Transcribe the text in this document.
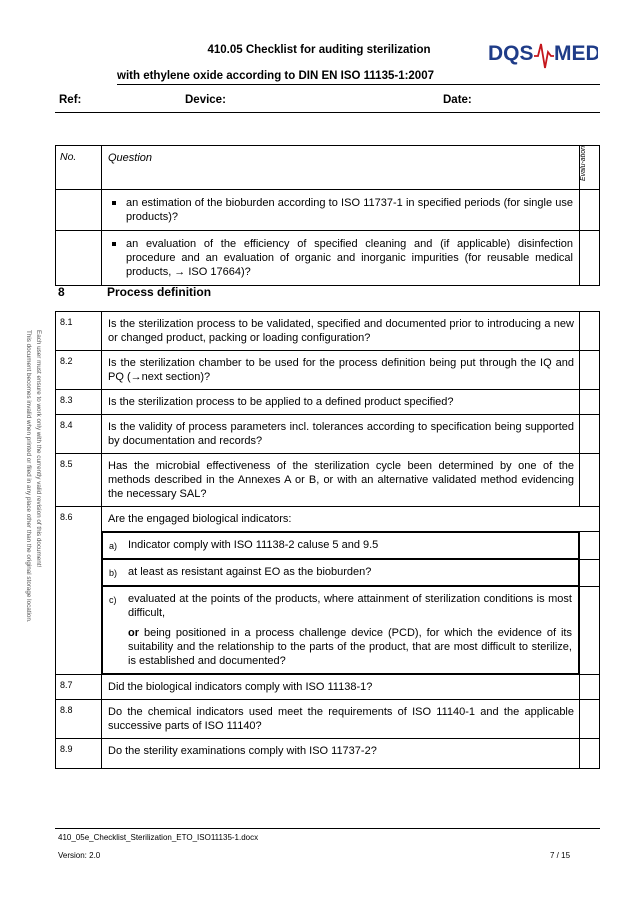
410.05 Checklist for auditing sterilization
with ethylene oxide according to DIN EN ISO 11135-1:2007
DQS MED
Ref:	Device:	Date:
This document becomes invalid when printed or filed in any place other than the original storage location. Each user must ensure to work only with the currently valid revision of this document!
No.	Question	Evalu-ation

	an estimation of the bioburden according to ISO 11737-1 in specified periods (for single use products)?	
	an evaluation of the efficiency of specified cleaning and (if applicable) disinfection procedure and an evaluation of organic and inorganic impurities (for reusable medical products, → ISO 17664)?	
8	Process definition
8.1	Is the sterilization process to be validated, specified and documented prior to introducing a new or changed product, packing or loading configuration?	
8.2	Is the sterilization chamber to be used for the process definition being put through the IQ and PQ (→next section)?	
8.3	Is the sterilization process to be applied to a defined product specified?	
8.4	Is the validity of process parameters incl. tolerances according to specification being supported by documentation and records?	
8.5	Has the microbial effectiveness of the sterilization cycle been determined by one of the methods described in the Annexes A or B, or with an alternative validated method evidencing the necessary SAL?	
8.6	Are the engaged biological indicators:	

a) Indicator comply with ISO 11138-2 caluse 5 and 9.5

b) at least as resistant against EO as the bioburden?

c)	evaluated at the points of the products, where attainment of sterilization conditions is most difficult,
or being positioned in a process challenge device (PCD), for which the evidence of its suitability and the relationship to the parts of the product, that are most difficult to sterilize, is established and documented?

8.7	Did the biological indicators comply with ISO 11138-1?	
8.8	Do the chemical indicators used meet the requirements of ISO 11140-1 and the applicable successive parts of ISO 11140?	
8.9	Do the sterility examinations comply with ISO 11737-2?	
410_05e_Checklist_Sterilization_ETO_ISO11135-1.docx
Version: 2.0	7 / 15
